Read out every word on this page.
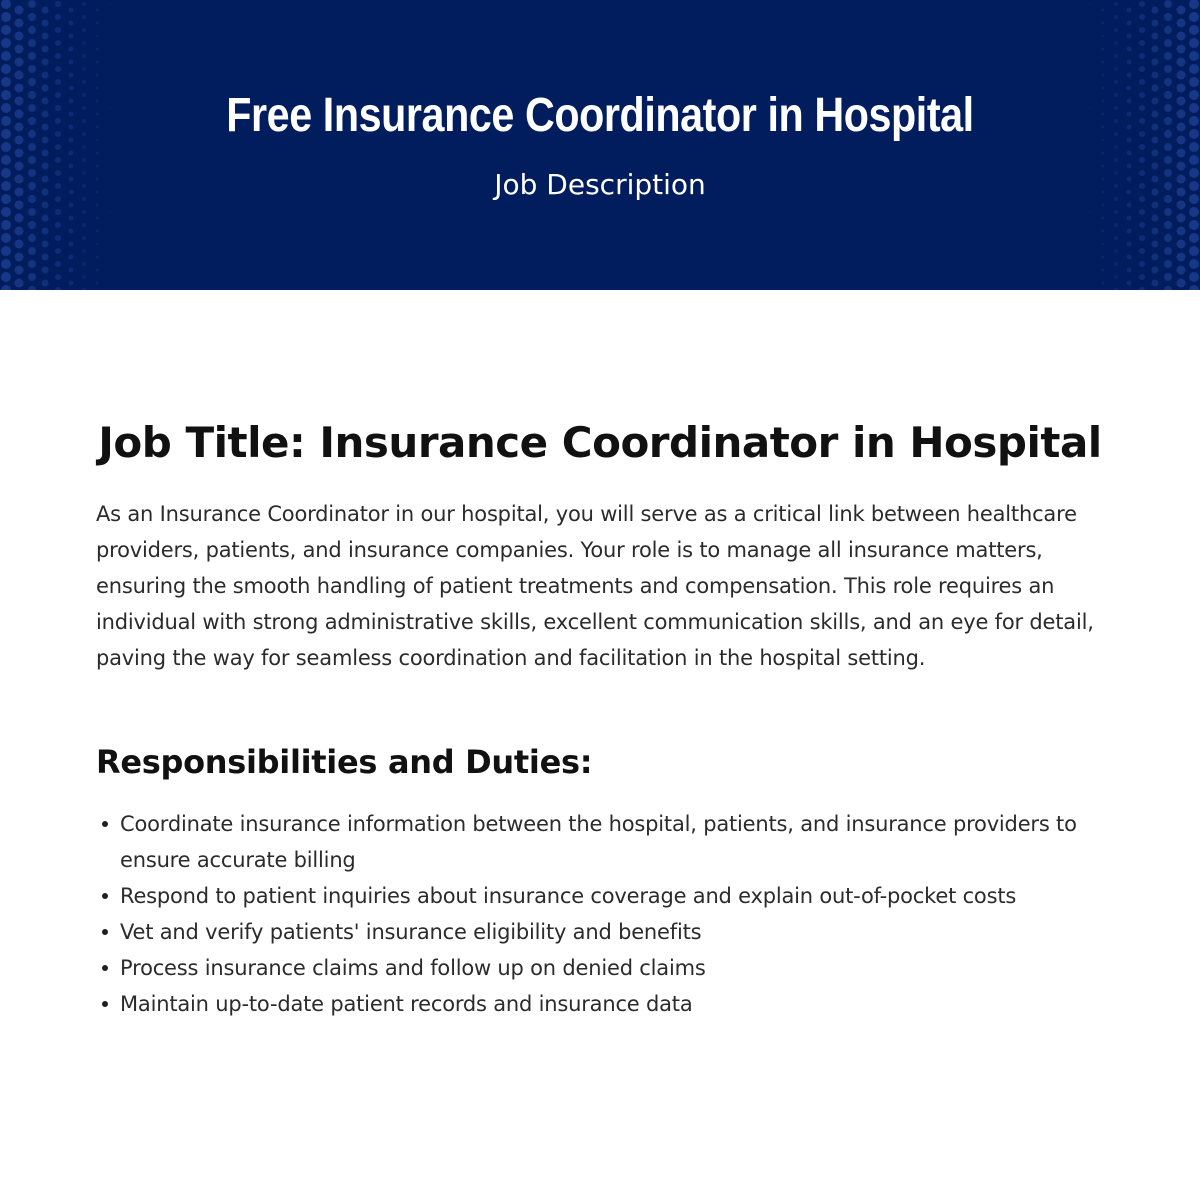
Free Insurance Coordinator in Hospital
Job Description
Job Title: Insurance Coordinator in Hospital

As an Insurance Coordinator in our hospital, you will serve as a critical link between healthcare providers, patients, and insurance companies. Your role is to manage all insurance matters, ensuring the smooth handling of patient treatments and compensation. This role requires an individual with strong administrative skills, excellent communication skills, and an eye for detail, paving the way for seamless coordination and facilitation in the hospital setting.

Responsibilities and Duties:
Coordinate insurance information between the hospital, patients, and insurance providers to ensure accurate billing
Respond to patient inquiries about insurance coverage and explain out-of-pocket costs
Vet and verify patients' insurance eligibility and benefits
Process insurance claims and follow up on denied claims
Maintain up-to-date patient records and insurance data
